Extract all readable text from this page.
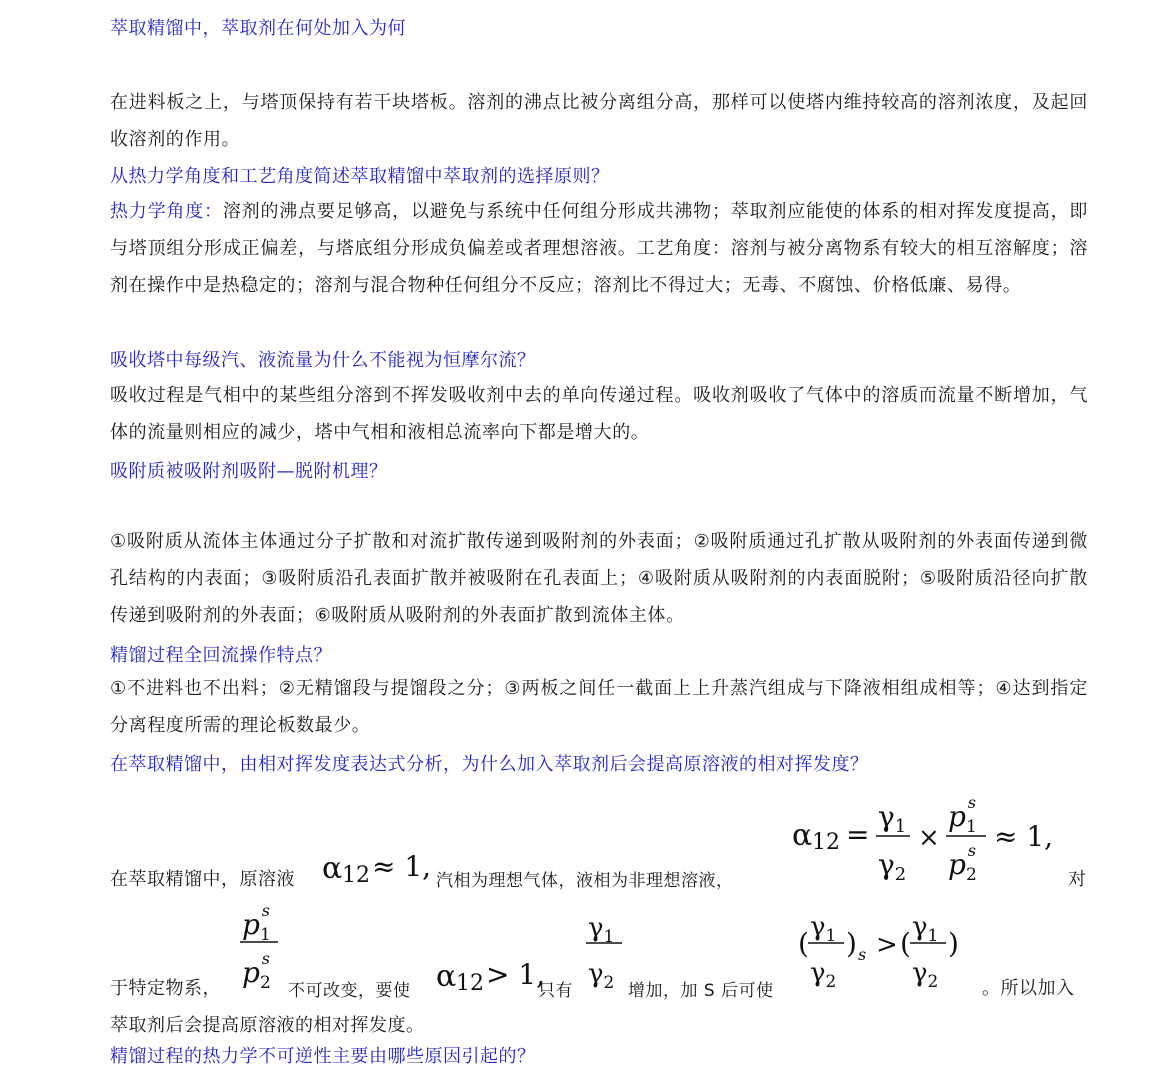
萃取精馏中，萃取剂在何处加入为何
在进料板之上，与塔顶保持有若干块塔板。溶剂的沸点比被分离组分高，那样可以使塔内维持较高的溶剂浓度，及起回收溶剂的作用。
从热力学角度和工艺角度简述萃取精馏中萃取剂的选择原则？
热力学角度：溶剂的沸点要足够高，以避免与系统中任何组分形成共沸物；萃取剂应能使的体系的相对挥发度提高，即与塔顶组分形成正偏差，与塔底组分形成负偏差或者理想溶液。工艺角度：溶剂与被分离物系有较大的相互溶解度；溶剂在操作中是热稳定的；溶剂与混合物种任何组分不反应；溶剂比不得过大；无毒、不腐蚀、价格低廉、易得。
吸收塔中每级汽、液流量为什么不能视为恒摩尔流？
吸收过程是气相中的某些组分溶到不挥发吸收剂中去的单向传递过程。吸收剂吸收了气体中的溶质而流量不断增加，气体的流量则相应的减少，塔中气相和液相总流率向下都是增大的。
吸附质被吸附剂吸附—脱附机理？
①吸附质从流体主体通过分子扩散和对流扩散传递到吸附剂的外表面；②吸附质通过孔扩散从吸附剂的外表面传递到微孔结构的内表面；③吸附质沿孔表面扩散并被吸附在孔表面上；④吸附质从吸附剂的内表面脱附；⑤吸附质沿径向扩散传递到吸附剂的外表面；⑥吸附质从吸附剂的外表面扩散到流体主体。
精馏过程全回流操作特点？
①不进料也不出料；②无精馏段与提馏段之分；③两板之间任一截面上上升蒸汽组成与下降液相组成相等；④达到指定分离程度所需的理论板数最少。
在萃取精馏中，由相对挥发度表达式分析，为什么加入萃取剂后会提高原溶液的相对挥发度？
在萃取精馏中，原溶液 α 12 ≈ 1, 汽相为理想气体，液相为非理想溶液，
α 12 =
$\gamma_1$
$\gamma_2$
×
$p_1s$
$p_2s \approx 1$,
对
于特定物系，
$p_1s$
$p_2s$
不可改变，要使 α 12 > 1,
只有
$\gamma_1$
$\gamma_2$ 增加，加 S 后可使
( $\gamma_1$
$\gamma_2$
) s > ( $\gamma_1$
$\gamma_2$
)
。所以加入
萃取剂后会提高原溶液的相对挥发度。
精馏过程的热力学不可逆性主要由哪些原因引起的？
